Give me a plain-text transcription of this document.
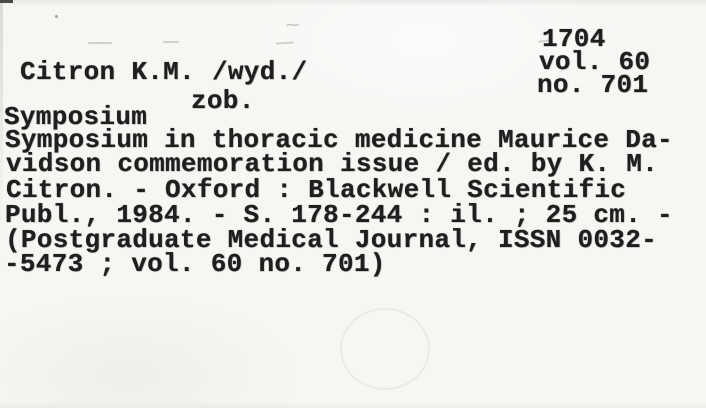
⁓
Citron K.M. /wyd./
zob.
1704
vol. 60
no. 701
Symposium
Symposium in thoracic medicine Maurice Da-
vidson commemoration issue / ed. by K. M.
Citron. - Oxford : Blackwell Scientific
Publ., 1984. - S. 178-244 : il. ; 25 cm. -
(Postgraduate Medical Journal, ISSN 0032-
-5473 ; vol. 60 no. 701)
